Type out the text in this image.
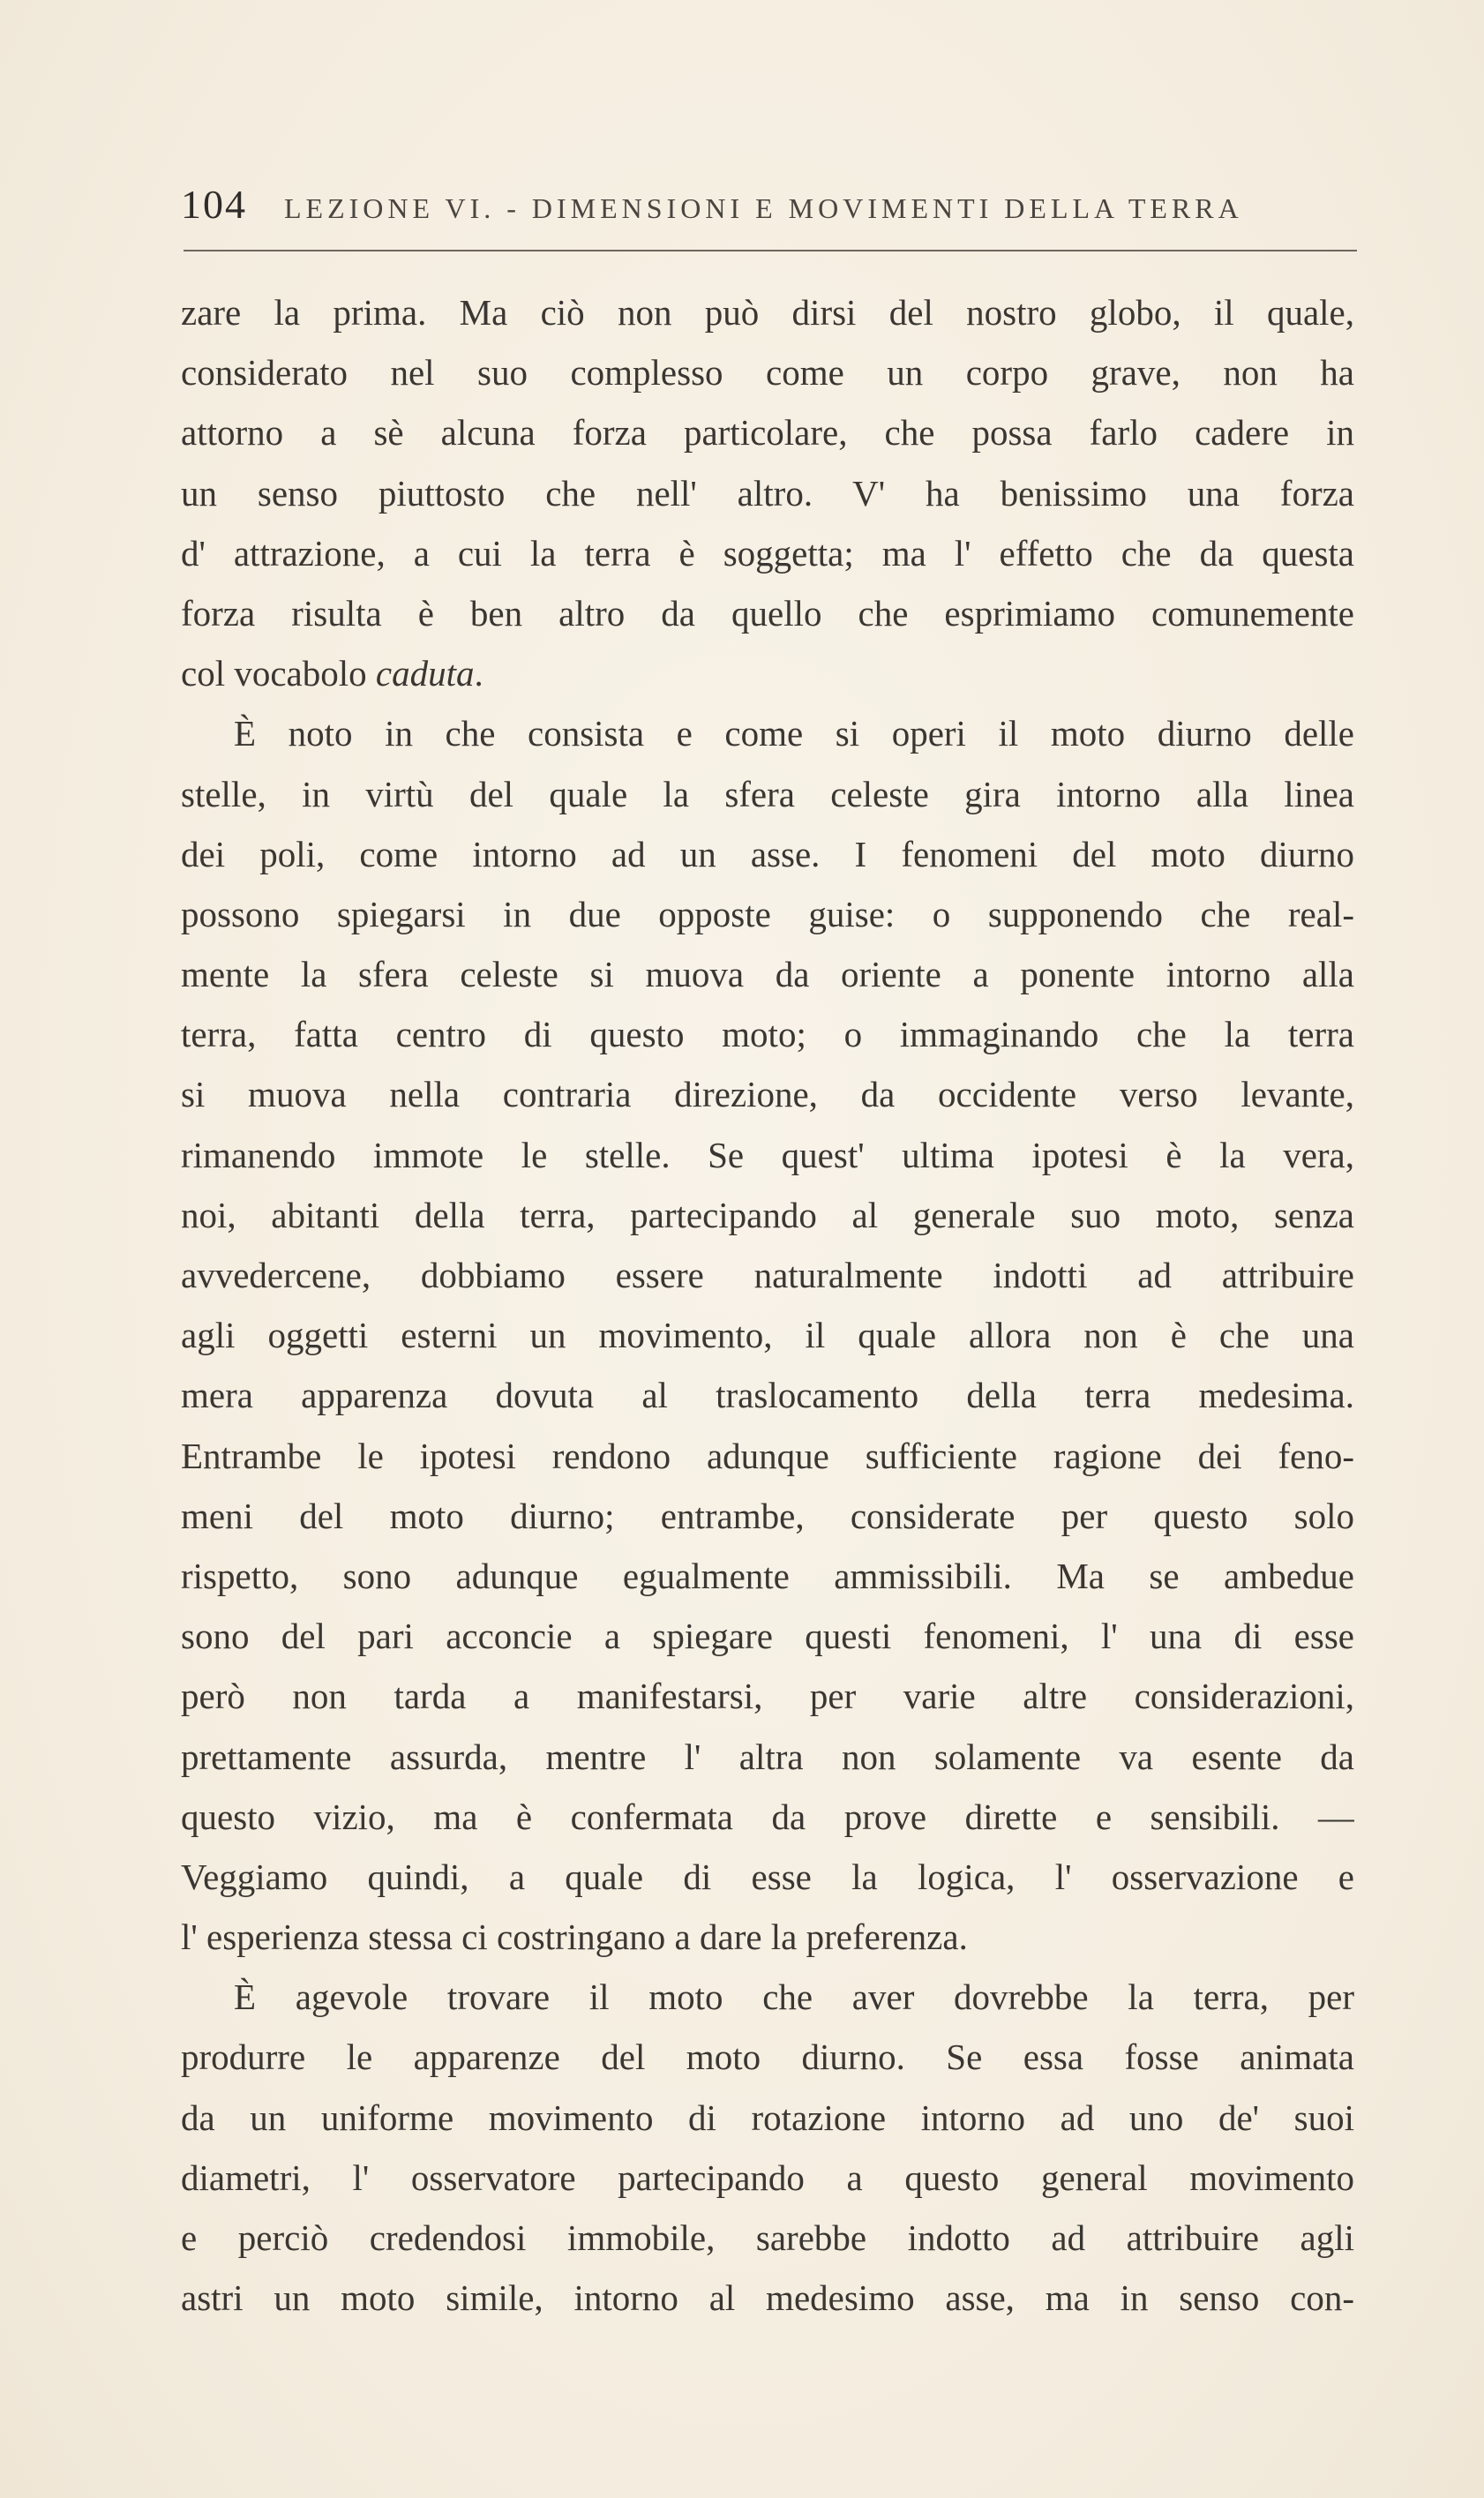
104 LEZIONE VI. - DIMENSIONI E MOVIMENTI DELLA TERRA
zare la prima. Ma ciò non può dirsi del nostro globo, il quale,
considerato nel suo complesso come un corpo grave, non ha
attorno a sè alcuna forza particolare, che possa farlo cadere in
un senso piuttosto che nell' altro. V' ha benissimo una forza
d' attrazione, a cui la terra è soggetta; ma l' effetto che da questa
forza risulta è ben altro da quello che esprimiamo comunemente
col vocabolo caduta.
È noto in che consista e come si operi il moto diurno delle
stelle, in virtù del quale la sfera celeste gira intorno alla linea
dei poli, come intorno ad un asse. I fenomeni del moto diurno
possono spiegarsi in due opposte guise: o supponendo che real-
mente la sfera celeste si muova da oriente a ponente intorno alla
terra, fatta centro di questo moto; o immaginando che la terra
si muova nella contraria direzione, da occidente verso levante,
rimanendo immote le stelle. Se quest' ultima ipotesi è la vera,
noi, abitanti della terra, partecipando al generale suo moto, senza
avvedercene, dobbiamo essere naturalmente indotti ad attribuire
agli oggetti esterni un movimento, il quale allora non è che una
mera apparenza dovuta al traslocamento della terra medesima.
Entrambe le ipotesi rendono adunque sufficiente ragione dei feno-
meni del moto diurno; entrambe, considerate per questo solo
rispetto, sono adunque egualmente ammissibili. Ma se ambedue
sono del pari acconcie a spiegare questi fenomeni, l' una di esse
però non tarda a manifestarsi, per varie altre considerazioni,
prettamente assurda, mentre l' altra non solamente va esente da
questo vizio, ma è confermata da prove dirette e sensibili. —
Veggiamo quindi, a quale di esse la logica, l' osservazione e
l' esperienza stessa ci costringano a dare la preferenza.
È agevole trovare il moto che aver dovrebbe la terra, per
produrre le apparenze del moto diurno. Se essa fosse animata
da un uniforme movimento di rotazione intorno ad uno de' suoi
diametri, l' osservatore partecipando a questo general movimento
e perciò credendosi immobile, sarebbe indotto ad attribuire agli
astri un moto simile, intorno al medesimo asse, ma in senso con-
